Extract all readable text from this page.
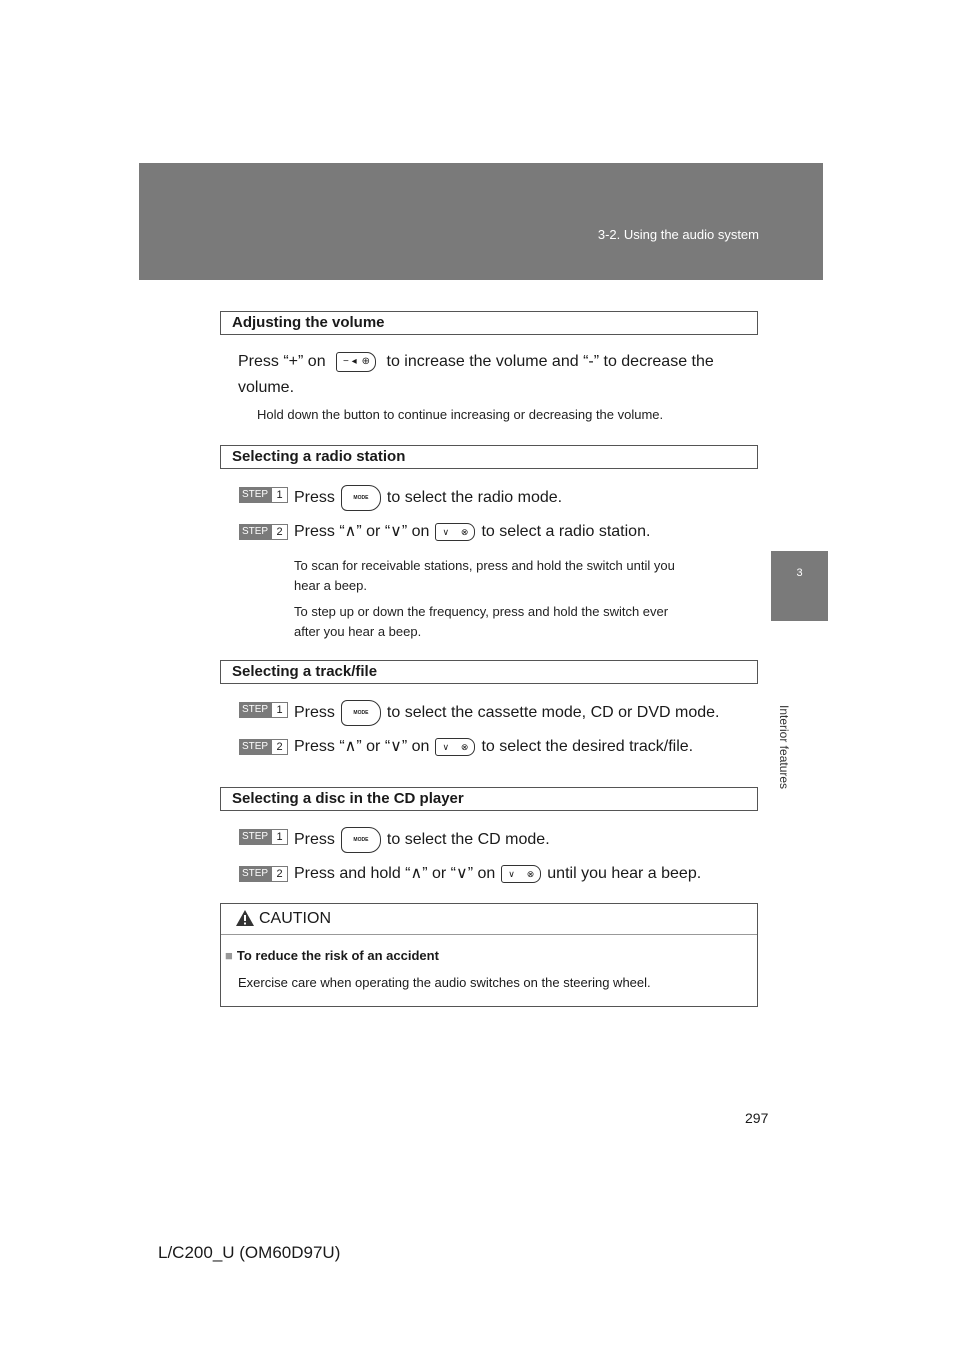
3-2. Using the audio system
3
Interior features
Adjusting the volume
Press “+” on − ◂ ⊕ to increase the volume and “-” to decrease the
volume.
Hold down the button to continue increasing or decreasing the volume.
Selecting a radio station
STEP 1 Press	MODE to select the radio mode.
STEP 2 Press “∧” or “∨” on ∨ ⊗ to select a radio station.
To scan for receivable stations, press and hold the switch until you
hear a beep.
To step up or down the frequency, press and hold the switch ever
after you hear a beep.
Selecting a track/file
STEP 1 Press	MODE to select the cassette mode, CD or DVD mode.
STEP 2 Press “∧” or “∨” on ∨ ⊗ to select the desired track/file.
Selecting a disc in the CD player
STEP 1 Press	MODE to select the CD mode.
STEP 2 Press and hold “∧” or “∨” on ∨ ⊗ until you hear a beep.
CAUTION
■ To reduce the risk of an accident
Exercise care when operating the audio switches on the steering wheel.
297
L/C200_U (OM60D97U)
